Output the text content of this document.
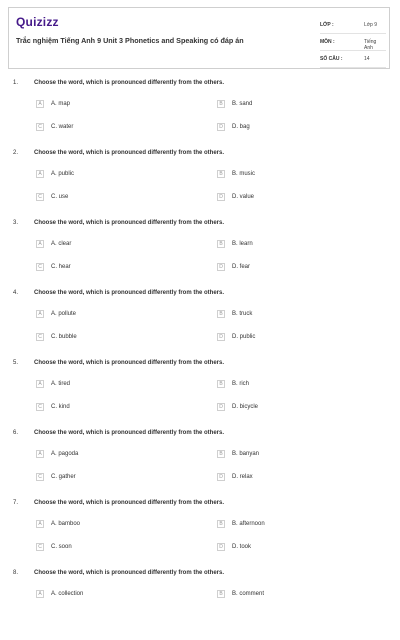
Quizizz
Trắc nghiệm Tiếng Anh 9 Unit 3 Phonetics and Speaking có đáp án
LỚP :	Lớp 9
MÔN :	Tiếng Anh
SỐ CÂU :	14
1.	Choose the word, which is pronounced differently from the others.
A	A. map	B	B. sand
C	C. water	D	D. bag
2.	Choose the word, which is pronounced differently from the others.
A	A. public	B	B. music
C	C. use	D	D. value
3.	Choose the word, which is pronounced differently from the others.
A	A. clear	B	B. learn
C	C. hear	D	D. fear
4.	Choose the word, which is pronounced differently from the others.
A	A. pollute	B	B. truck
C	C. bubble	D	D. public
5.	Choose the word, which is pronounced differently from the others.
A	A. tired	B	B. rich
C	C. kind	D	D. bicycle
6.	Choose the word, which is pronounced differently from the others.
A	A. pagoda	B	B. banyan
C	C. gather	D	D. relax
7.	Choose the word, which is pronounced differently from the others.
A	A. bamboo	B	B. afternoon
C	C. soon	D	D. took
8.	Choose the word, which is pronounced differently from the others.
A	A. collection	B	B. comment
